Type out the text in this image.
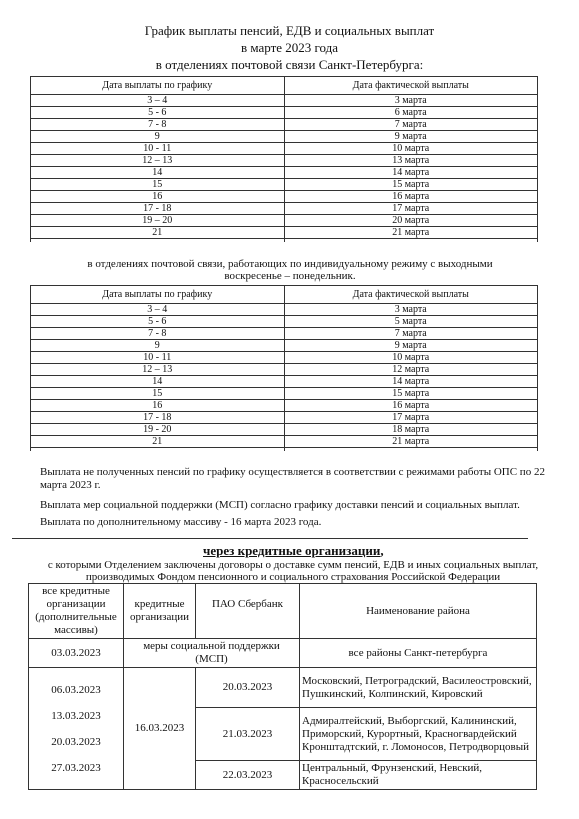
График выплаты пенсий, ЕДВ и социальных выплат
в марте 2023 года
в отделениях почтовой связи Санкт-Петербурга:
Дата выплаты по графику	Дата фактической выплаты
3 – 4	3 марта
5 - 6	6 марта
7 - 8	7 марта
9	9 марта
10 - 11	10 марта
12 – 13	13 марта
14	14 марта
15	15 марта
16	16 марта
17 - 18	17 марта
19 – 20	20 марта
21	21 марта

в отделениях почтовой связи, работающих по индивидуальному режиму с выходными воскресенье – понедельник.
Дата выплаты по графику	Дата фактической выплаты
3 – 4	3 марта
5 - 6	5 марта
7 - 8	7 марта
9	9 марта
10 - 11	10 марта
12 – 13	12 марта
14	14 марта
15	15 марта
16	16 марта
17 - 18	17 марта
19 - 20	18 марта
21	21 марта

Выплата не полученных пенсий по графику осуществляется в соответствии с режимами работы ОПС по 22 марта 2023 г.
Выплата мер социальной поддержки (МСП) согласно графику доставки пенсий и социальных выплат.
Выплата по дополнительному массиву - 16 марта 2023 года.
через кредитные организации,
с которыми Отделением заключены договоры о доставке сумм пенсий, ЕДВ и иных социальных выплат, производимых Фондом пенсионного и социального страхования Российской Федерации
все кредитные организации (дополнительные массивы)	кредитные организации	ПАО Сбербанк	Наименование района
03.03.2023	меры социальной поддержки (МСП)		все районы Санкт-петербурга

06.03.2023
13.03.2023
20.03.2023
27.03.2023	16.03.2023	20.03.2023	Московский, Петроградский, Василеостровский, Пушкинский, Колпинский, Кировский
		21.03.2023	Адмиралтейский, Выборгский, Калининский, Приморский, Курортный, Красногвардейский Кронштадтский, г. Ломоносов, Петродворцовый
		22.03.2023	Центральный, Фрунзенский, Невский, Красносельский
